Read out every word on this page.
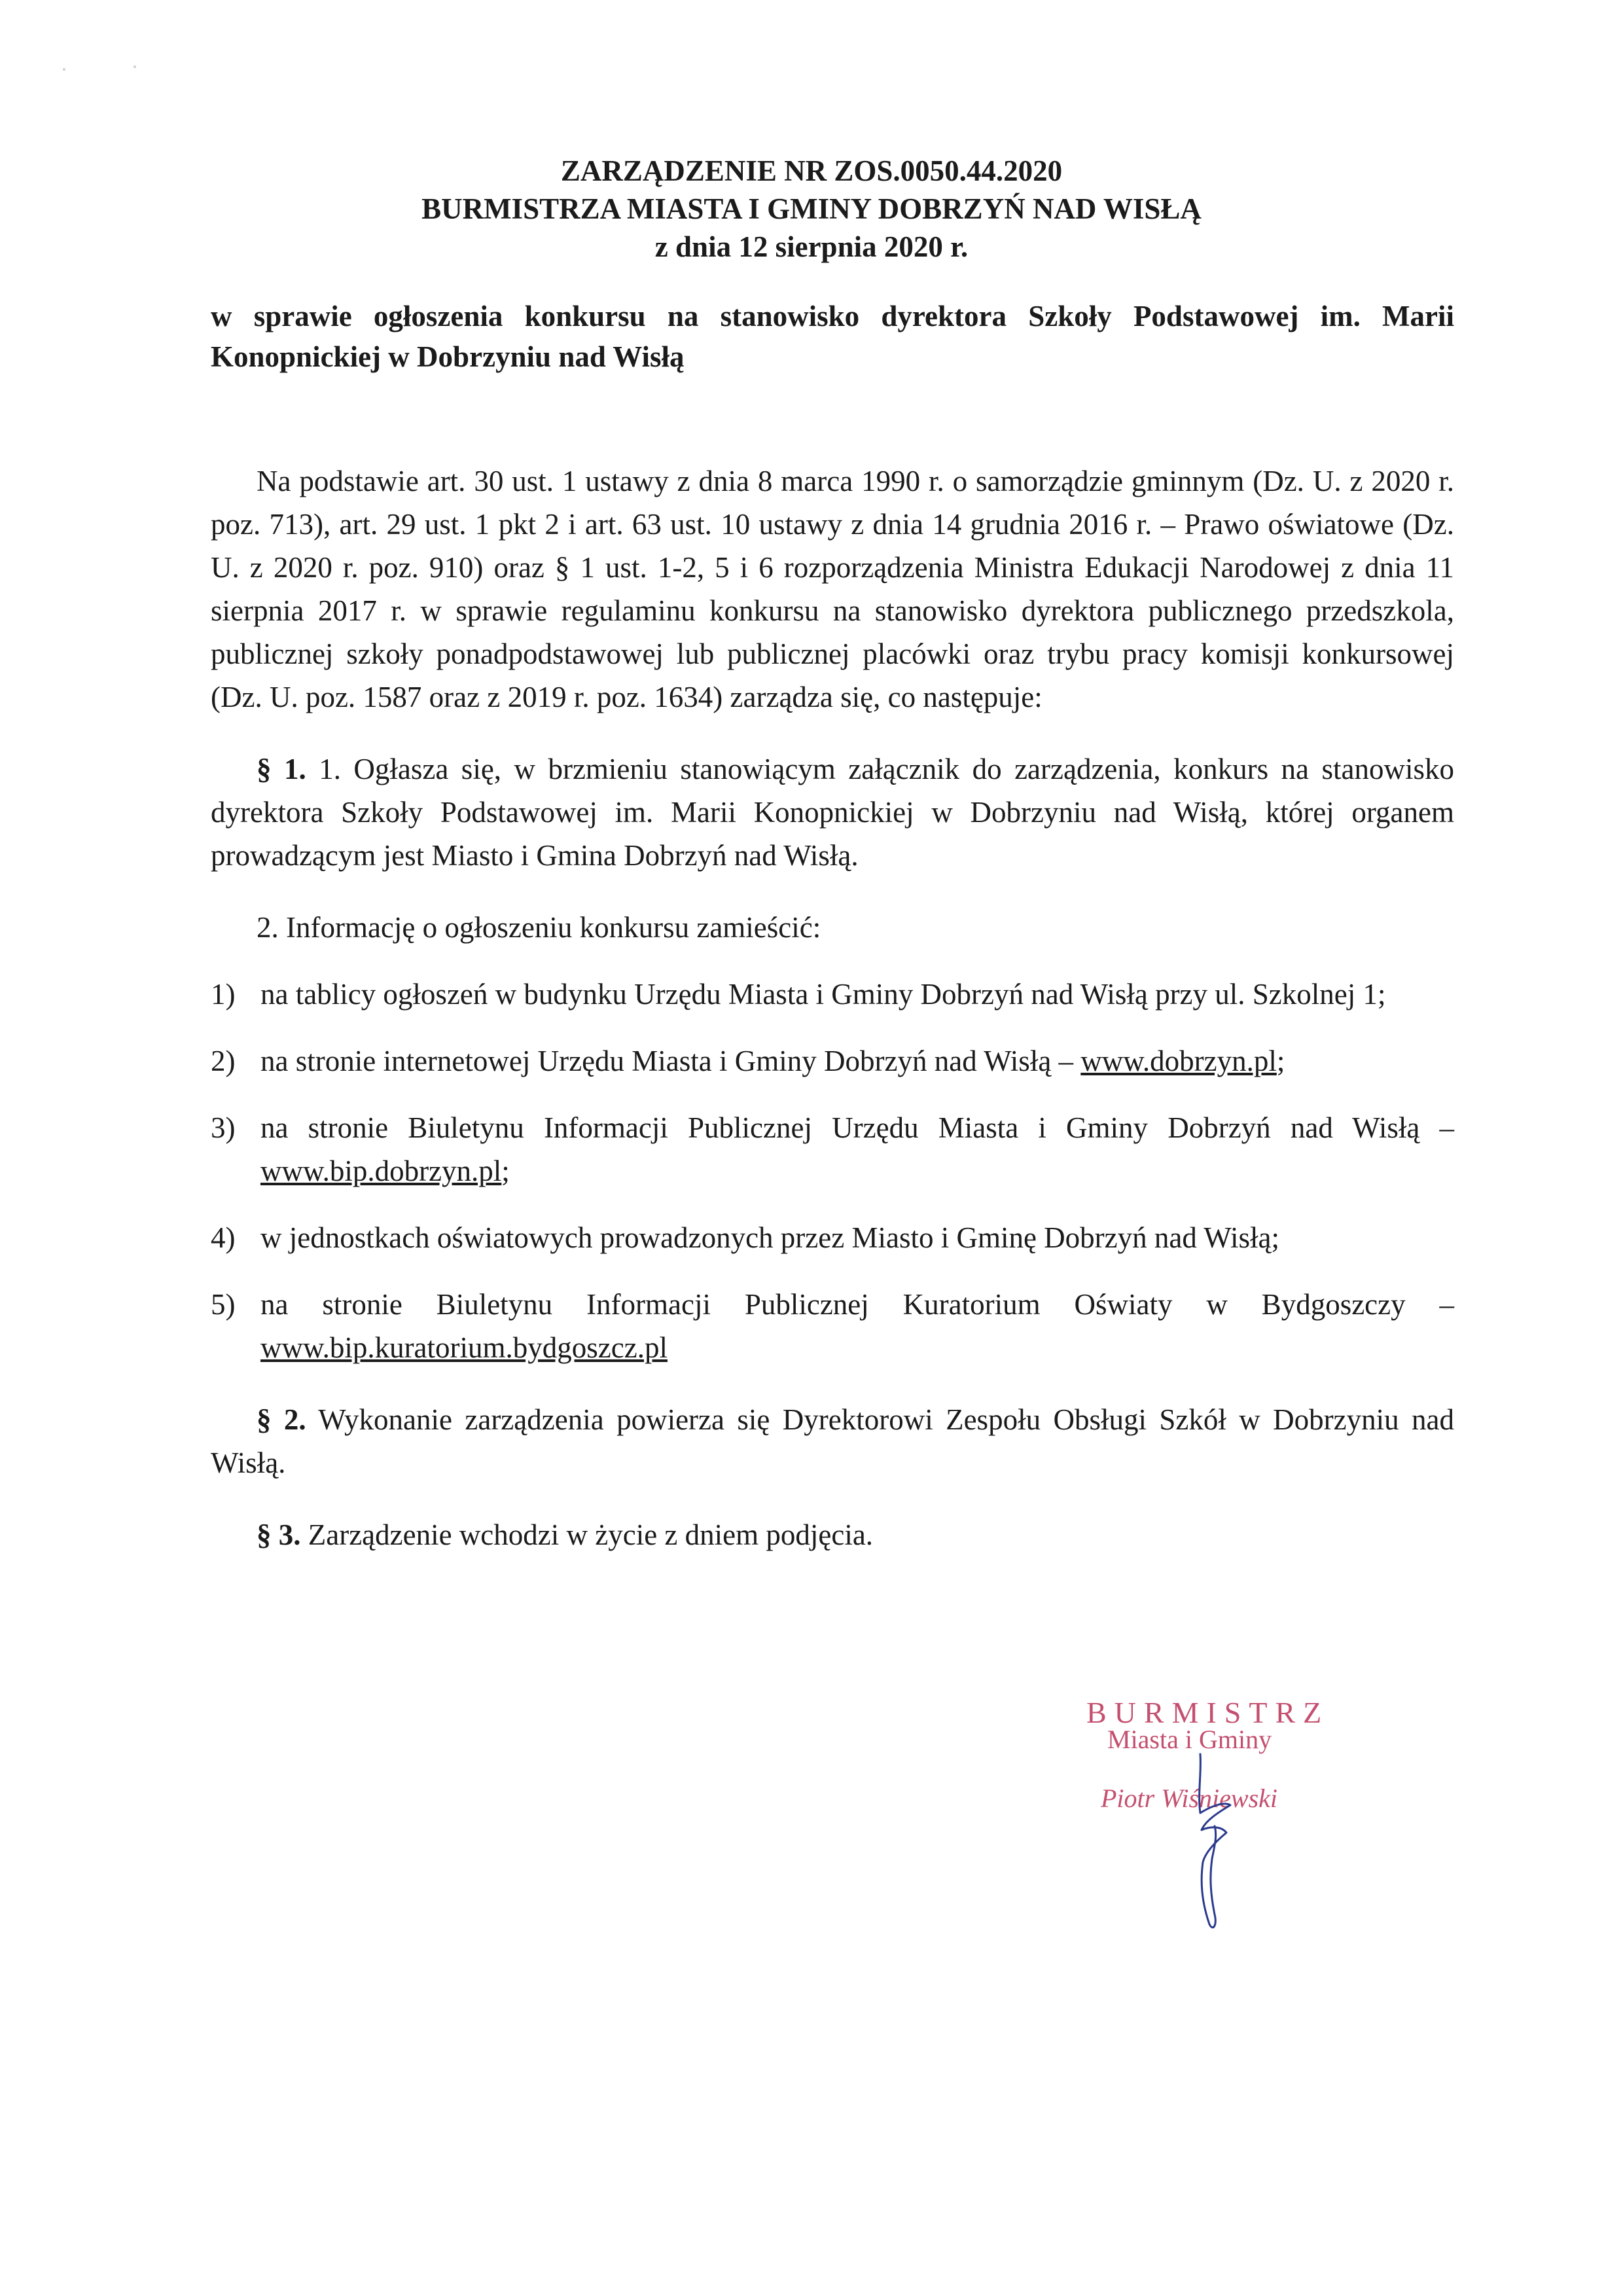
ZARZĄDZENIE NR ZOS.0050.44.2020
BURMISTRZA MIASTA I GMINY DOBRZYŃ NAD WISŁĄ
z dnia 12 sierpnia 2020 r.
w sprawie ogłoszenia konkursu na stanowisko dyrektora Szkoły Podstawowej im. Marii Konopnickiej w Dobrzyniu nad Wisłą

Na podstawie art. 30 ust. 1 ustawy z dnia 8 marca 1990 r. o samorządzie gminnym (Dz. U. z 2020 r. poz. 713), art. 29 ust. 1 pkt 2 i art. 63 ust. 10 ustawy z dnia 14 grudnia 2016 r. – Prawo oświatowe (Dz. U. z 2020 r. poz. 910) oraz § 1 ust. 1-2, 5 i 6 rozporządzenia Ministra Edukacji Narodowej z dnia 11 sierpnia 2017 r. w sprawie regulaminu konkursu na stanowisko dyrektora publicznego przedszkola, publicznej szkoły ponadpodstawowej lub publicznej placówki oraz trybu pracy komisji konkursowej (Dz. U. poz. 1587 oraz z 2019 r. poz. 1634) zarządza się, co następuje:

§ 1. 1. Ogłasza się, w brzmieniu stanowiącym załącznik do zarządzenia, konkurs na stanowisko dyrektora Szkoły Podstawowej im. Marii Konopnickiej w Dobrzyniu nad Wisłą, której organem prowadzącym jest Miasto i Gmina Dobrzyń nad Wisłą.

2. Informację o ogłoszeniu konkursu zamieścić:

1) na tablicy ogłoszeń w budynku Urzędu Miasta i Gminy Dobrzyń nad Wisłą przy ul. Szkolnej 1;
2) na stronie internetowej Urzędu Miasta i Gminy Dobrzyń nad Wisłą – www.dobrzyn.pl;
3) na stronie Biuletynu Informacji Publicznej Urzędu Miasta i Gminy Dobrzyń nad Wisłą – www.bip.dobrzyn.pl;
4) w jednostkach oświatowych prowadzonych przez Miasto i Gminę Dobrzyń nad Wisłą;
5) na stronie Biuletynu Informacji Publicznej Kuratorium Oświaty w Bydgoszczy – www.bip.kuratorium.bydgoszcz.pl

§ 2. Wykonanie zarządzenia powierza się Dyrektorowi Zespołu Obsługi Szkół w Dobrzyniu nad Wisłą.

§ 3. Zarządzenie wchodzi w życie z dniem podjęcia.

BURMISTRZ
Miasta i Gminy
Piotr Wiśniewski
